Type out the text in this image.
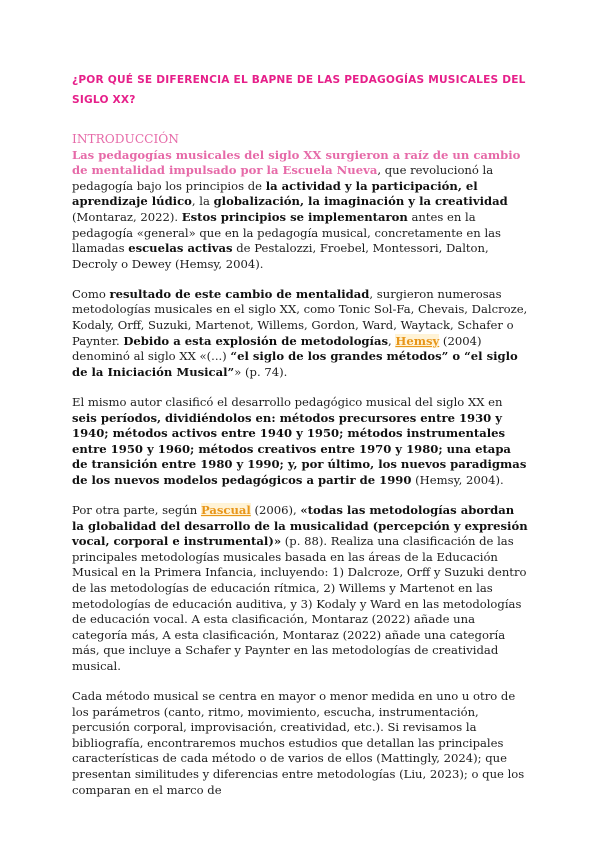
¿POR QUÉ SE DIFERENCIA EL BAPNE DE LAS PEDAGOGÍAS MUSICALES DEL SIGLO XX?
INTRODUCCIÓN

Las pedagogías musicales del siglo XX surgieron a raíz de un cambio de mentalidad impulsado por la Escuela Nueva, que revolucionó la pedagogía bajo los principios de la actividad y la participación, el aprendizaje lúdico, la globalización, la imaginación y la creatividad (Montaraz, 2022). Estos principios se implementaron antes en la pedagogía «general» que en la pedagogía musical, concretamente en las llamadas escuelas activas de Pestalozzi, Froebel, Montessori, Dalton, Decroly o Dewey (Hemsy, 2004).

Como resultado de este cambio de mentalidad, surgieron numerosas metodologías musicales en el siglo XX, como Tonic Sol-Fa, Chevais, Dalcroze, Kodaly, Orff, Suzuki, Martenot, Willems, Gordon, Ward, Waytack, Schafer o Paynter. Debido a esta explosión de metodologías, Hemsy (2004) denominó al siglo XX «(...) “el siglo de los grandes métodos” o “el siglo de la Iniciación Musical”» (p. 74).

El mismo autor clasificó el desarrollo pedagógico musical del siglo XX en seis períodos, dividiéndolos en: métodos precursores entre 1930 y 1940; métodos activos entre 1940 y 1950; métodos instrumentales entre 1950 y 1960; métodos creativos entre 1970 y 1980; una etapa de transición entre 1980 y 1990; y, por último, los nuevos paradigmas de los nuevos modelos pedagógicos a partir de 1990 (Hemsy, 2004).

Por otra parte, según Pascual (2006), «todas las metodologías abordan la globalidad del desarrollo de la musicalidad (percepción y expresión vocal, corporal e instrumental)» (p. 88). Realiza una clasificación de las principales metodologías musicales basada en las áreas de la Educación Musical en la Primera Infancia, incluyendo: 1) Dalcroze, Orff y Suzuki dentro de las metodologías de educación rítmica, 2) Willems y Martenot en las metodologías de educación auditiva, y 3) Kodaly y Ward en las metodologías de educación vocal. A esta clasificación, Montaraz (2022) añade una categoría más, A esta clasificación, Montaraz (2022) añade una categoría más, que incluye a Schafer y Paynter en las metodologías de creatividad musical.

Cada método musical se centra en mayor o menor medida en uno u otro de los parámetros (canto, ritmo, movimiento, escucha, instrumentación, percusión corporal, improvisación, creatividad, etc.). Si revisamos la bibliografía, encontraremos muchos estudios que detallan las principales características de cada método o de varios de ellos (Mattingly, 2024); que presentan similitudes y diferencias entre metodologías (Liu, 2023); o que los comparan en el marco de
